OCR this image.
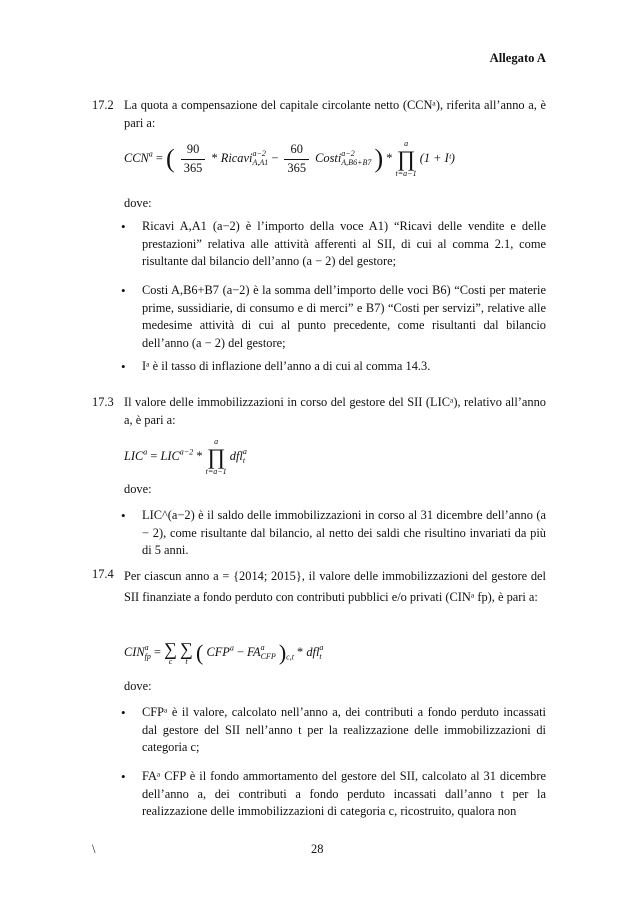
Allegato A
17.2 La quota a compensazione del capitale circolante netto (CCNᵃ), riferita all’anno a, è pari a:
$CCN^a$ = ( $\frac{90}{365}$ * Ricavi a−2
$A,A1 - \frac{60}{365}$ Costi a−2
A,B6+B7 ) *
a
∏
t=a−1
(1 + Iᵗ)
dove:
• Ricavi A,A1 (a−2) è l’importo della voce A1) “Ricavi delle vendite e delle prestazioni” relativa alle attività afferenti al SII, di cui al comma 2.1, come risultante dal bilancio dell’anno (a − 2) del gestore;
• Costi A,B6+B7 (a−2) è la somma dell’importo delle voci B6) “Costi per materie prime, sussidiarie, di consumo e di merci” e B7) “Costi per servizi”, relative alle medesime attività di cui al punto precedente, come risultanti dal bilancio dell’anno (a − 2) del gestore;
• Iᵃ è il tasso di inflazione dell’anno a di cui al comma 14.3.
17.3 Il valore delle immobilizzazioni in corso del gestore del SII (LICᵃ), relativo all’anno a, è pari a:
$LIC^a = LIC^{a-2}$ *
a
∏
t=a−1
dfl a
t
dove:
• LIC^(a−2) è il saldo delle immobilizzazioni in corso al 31 dicembre dell’anno (a − 2), come risultante dal bilancio, al netto dei saldi che risultino invariati da più di 5 anni.
17.4 Per ciascun anno a = {2014; 2015}, il valore delle immobilizzazioni del gestore del SII finanziate a fondo perduto con contributi pubblici e/o privati (CINᵃ fp), è pari a:
CIN a
fp = ∑
c

∑
t ( $CFP^a$ − FA a
CFP )$_{c,t}$ * dfl a
t
dove:
• CFPᵃ è il valore, calcolato nell’anno a, dei contributi a fondo perduto incassati dal gestore del SII nell’anno t per la realizzazione delle immobilizzazioni di categoria c;
• FAᵃ CFP è il fondo ammortamento del gestore del SII, calcolato al 31 dicembre dell’anno a, dei contributi a fondo perduto incassati dall’anno t per la realizzazione delle immobilizzazioni di categoria c, ricostruito, qualora non
\	28
